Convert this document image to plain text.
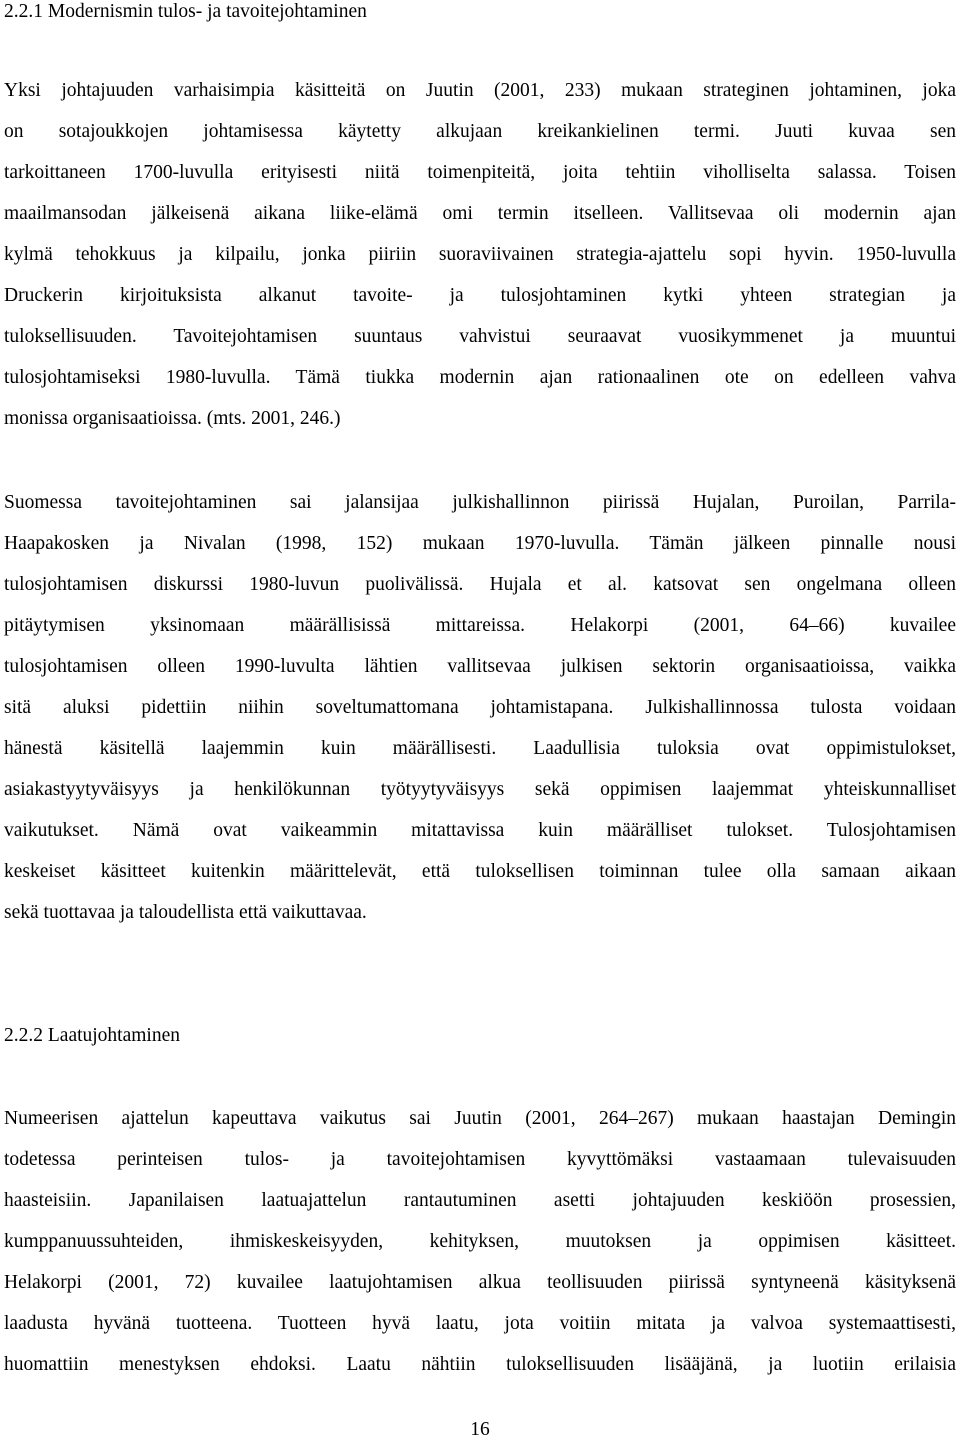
2.2.1 Modernismin tulos- ja tavoitejohtaminen
Yksi johtajuuden varhaisimpia käsitteitä on Juutin (2001, 233) mukaan strateginen johtaminen, joka
on sotajoukkojen johtamisessa käytetty alkujaan kreikankielinen termi. Juuti kuvaa sen
tarkoittaneen 1700-luvulla erityisesti niitä toimenpiteitä, joita tehtiin viholliselta salassa. Toisen
maailmansodan jälkeisenä aikana liike-elämä omi termin itselleen. Vallitsevaa oli modernin ajan
kylmä tehokkuus ja kilpailu, jonka piiriin suoraviivainen strategia-ajattelu sopi hyvin. 1950-luvulla
Druckerin kirjoituksista alkanut tavoite- ja tulosjohtaminen kytki yhteen strategian ja
tuloksellisuuden. Tavoitejohtamisen suuntaus vahvistui seuraavat vuosikymmenet ja muuntui
tulosjohtamiseksi 1980-luvulla. Tämä tiukka modernin ajan rationaalinen ote on edelleen vahva
monissa organisaatioissa. (mts. 2001, 246.)
Suomessa tavoitejohtaminen sai jalansijaa julkishallinnon piirissä Hujalan, Puroilan, Parrila-
Haapakosken ja Nivalan (1998, 152) mukaan 1970-luvulla. Tämän jälkeen pinnalle nousi
tulosjohtamisen diskurssi 1980-luvun puolivälissä. Hujala et al. katsovat sen ongelmana olleen
pitäytymisen yksinomaan määrällisissä mittareissa. Helakorpi (2001, 64–66) kuvailee
tulosjohtamisen olleen 1990-luvulta lähtien vallitsevaa julkisen sektorin organisaatioissa, vaikka
sitä aluksi pidettiin niihin soveltumattomana johtamistapana. Julkishallinnossa tulosta voidaan
hänestä käsitellä laajemmin kuin määrällisesti. Laadullisia tuloksia ovat oppimistulokset,
asiakastyytyväisyys ja henkilökunnan työtyytyväisyys sekä oppimisen laajemmat yhteiskunnalliset
vaikutukset. Nämä ovat vaikeammin mitattavissa kuin määrälliset tulokset. Tulosjohtamisen
keskeiset käsitteet kuitenkin määrittelevät, että tuloksellisen toiminnan tulee olla samaan aikaan
sekä tuottavaa ja taloudellista että vaikuttavaa.
2.2.2 Laatujohtaminen
Numeerisen ajattelun kapeuttava vaikutus sai Juutin (2001, 264–267) mukaan haastajan Demingin
todetessa perinteisen tulos- ja tavoitejohtamisen kyvyttömäksi vastaamaan tulevaisuuden
haasteisiin. Japanilaisen laatuajattelun rantautuminen asetti johtajuuden keskiöön prosessien,
kumppanuussuhteiden, ihmiskeskeisyyden, kehityksen, muutoksen ja oppimisen käsitteet.
Helakorpi (2001, 72) kuvailee laatujohtamisen alkua teollisuuden piirissä syntyneenä käsityksenä
laadusta hyvänä tuotteena. Tuotteen hyvä laatu, jota voitiin mitata ja valvoa systemaattisesti,
huomattiin menestyksen ehdoksi. Laatu nähtiin tuloksellisuuden lisääjänä, ja luotiin erilaisia
16
